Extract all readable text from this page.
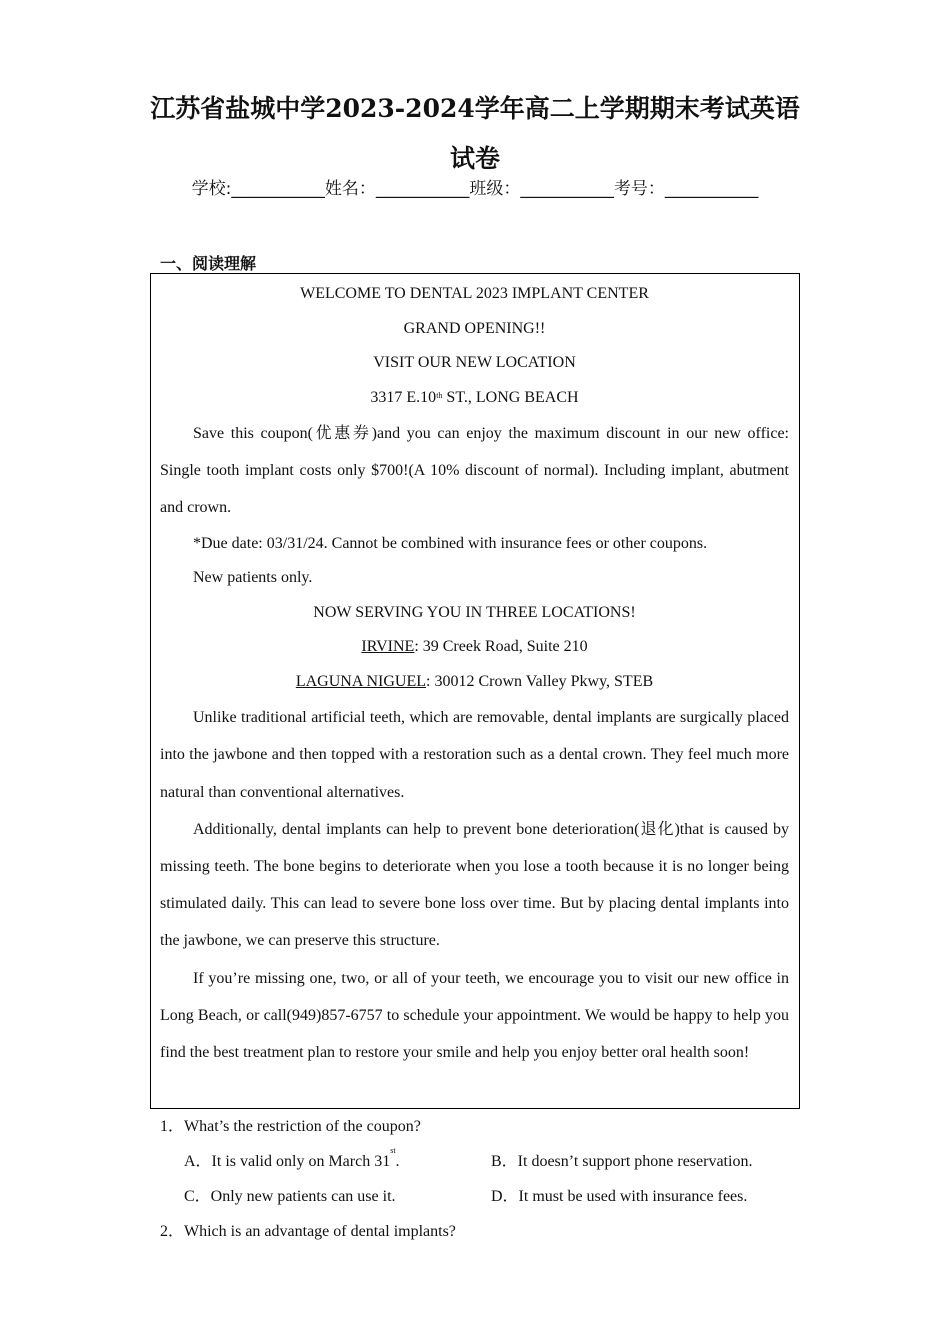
江苏省盐城中学2023-2024学年高二上学期期末考试英语试卷
学校:___________姓名：___________班级：___________考号：___________
一、阅读理解

WELCOME TO DENTAL 2023 IMPLANT CENTER

GRAND OPENING!!

VISIT OUR NEW LOCATION

3317 E.10th ST., LONG BEACH

Save this coupon(优惠券)and you can enjoy the maximum discount in our new office: Single tooth implant costs only $700!(A 10% discount of normal). Including implant, abutment and crown.

*Due date: 03/31/24. Cannot be combined with insurance fees or other coupons.

New patients only.

NOW SERVING YOU IN THREE LOCATIONS!

IRVINE: 39 Creek Road, Suite 210

LAGUNA NIGUEL: 30012 Crown Valley Pkwy, STEB

Unlike traditional artificial teeth, which are removable, dental implants are surgically placed into the jawbone and then topped with a restoration such as a dental crown. They feel much more natural than conventional alternatives.

Additionally, dental implants can help to prevent bone deterioration(退化)that is caused by missing teeth. The bone begins to deteriorate when you lose a tooth because it is no longer being stimulated daily. This can lead to severe bone loss over time. But by placing dental implants into the jawbone, we can preserve this structure.

If you’re missing one, two, or all of your teeth, we encourage you to visit our new office in Long Beach, or call(949)857-6757 to schedule your appointment. We would be happy to help you find the best treatment plan to restore your smile and help you enjoy better oral health soon!

1．What’s the restriction of the coupon?
A．It is valid only on March 31st.	B．It doesn’t support phone reservation.
C．Only new patients can use it.	D．It must be used with insurance fees.
2．Which is an advantage of dental implants?
